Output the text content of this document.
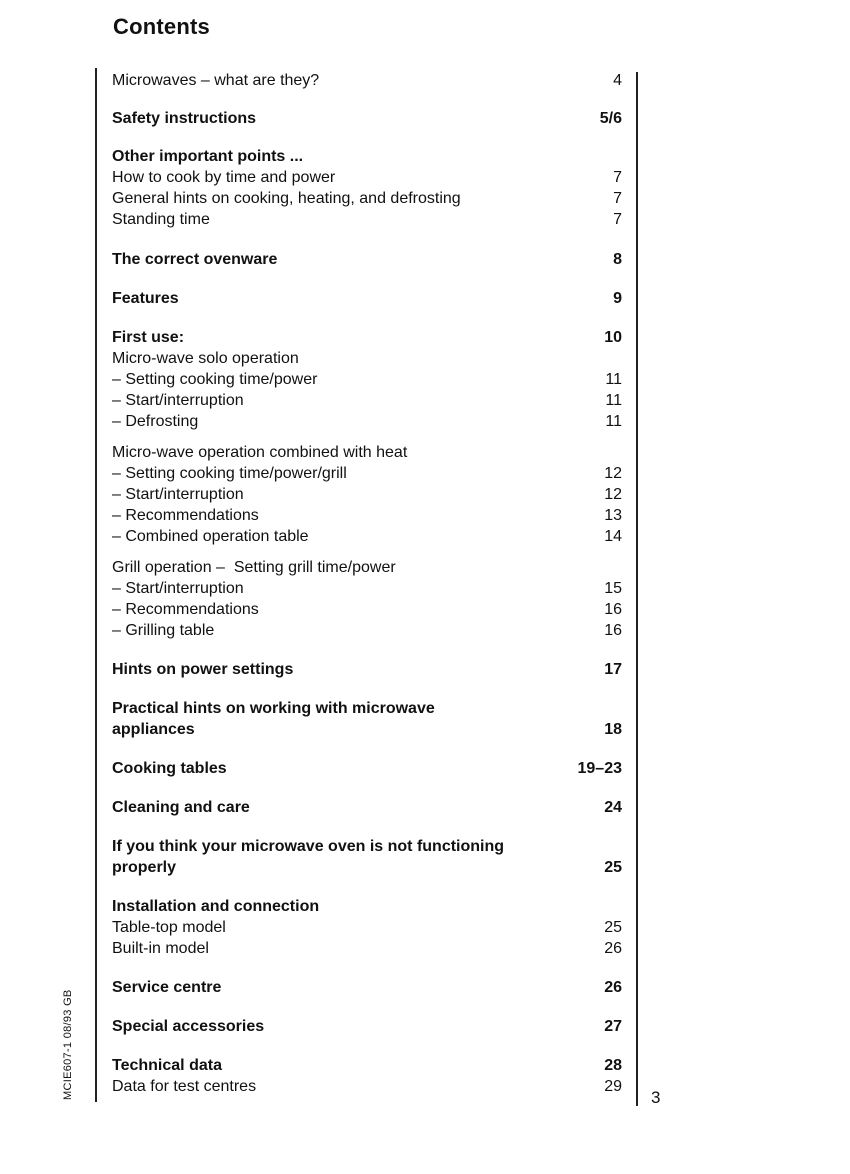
Contents
Microwaves – what are they?	4
Safety instructions	5/6
Other important points ...
How to cook by time and power	7
General hints on cooking, heating, and defrosting	7
Standing time	7
The correct ovenware	8
Features	9
First use:	10
Micro-wave solo operation
– Setting cooking time/power	11
– Start/interruption	11
– Defrosting	11
Micro-wave operation combined with heat
– Setting cooking time/power/grill	12
– Start/interruption	12
– Recommendations	13
– Combined operation table	14
Grill operation –  Setting grill time/power
– Start/interruption	15
– Recommendations	16
– Grilling table	16
Hints on power settings	17
Practical hints on working with microwave
appliances	18
Cooking tables	19–23
Cleaning and care	24
If you think your microwave oven is not functioning
properly	25
Installation and connection
Table-top model	25
Built-in model	26
Service centre	26
Special accessories	27
Technical data	28
Data for test centres	29
3
MCIE607-1 08/93 GB
